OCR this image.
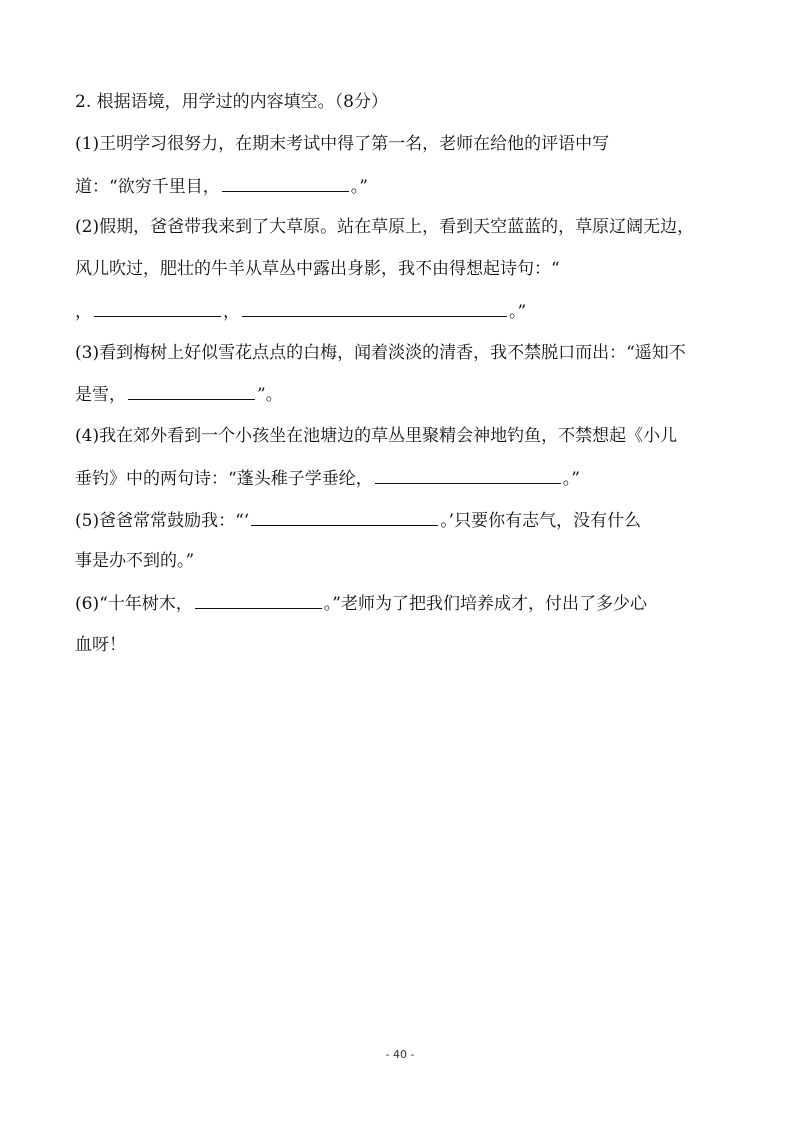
2. 根据语境，用学过的内容填空。（8分）
(1)王明学习很努力，在期末考试中得了第一名，老师在给他的评语中写
道：“欲穷千里目，	。”
(2)假期，爸爸带我来到了大草原。站在草原上，看到天空蓝蓝的，草原辽阔无边，
风儿吹过，肥壮的牛羊从草丛中露出身影，我不由得想起诗句：“
，	，	。”
(3)看到梅树上好似雪花点点的白梅，闻着淡淡的清香，我不禁脱口而出：“遥知不
是雪，	”。
(4)我在郊外看到一个小孩坐在池塘边的草丛里聚精会神地钓鱼，不禁想起《小儿
垂钓》中的两句诗：“蓬头稚子学垂纶，	。”
(5)爸爸常常鼓励我：“‘	。’只要你有志气，没有什么
事是办不到的。”
(6)“十年树木，	。”老师为了把我们培养成才，付出了多少心
血呀！
- 40 -
